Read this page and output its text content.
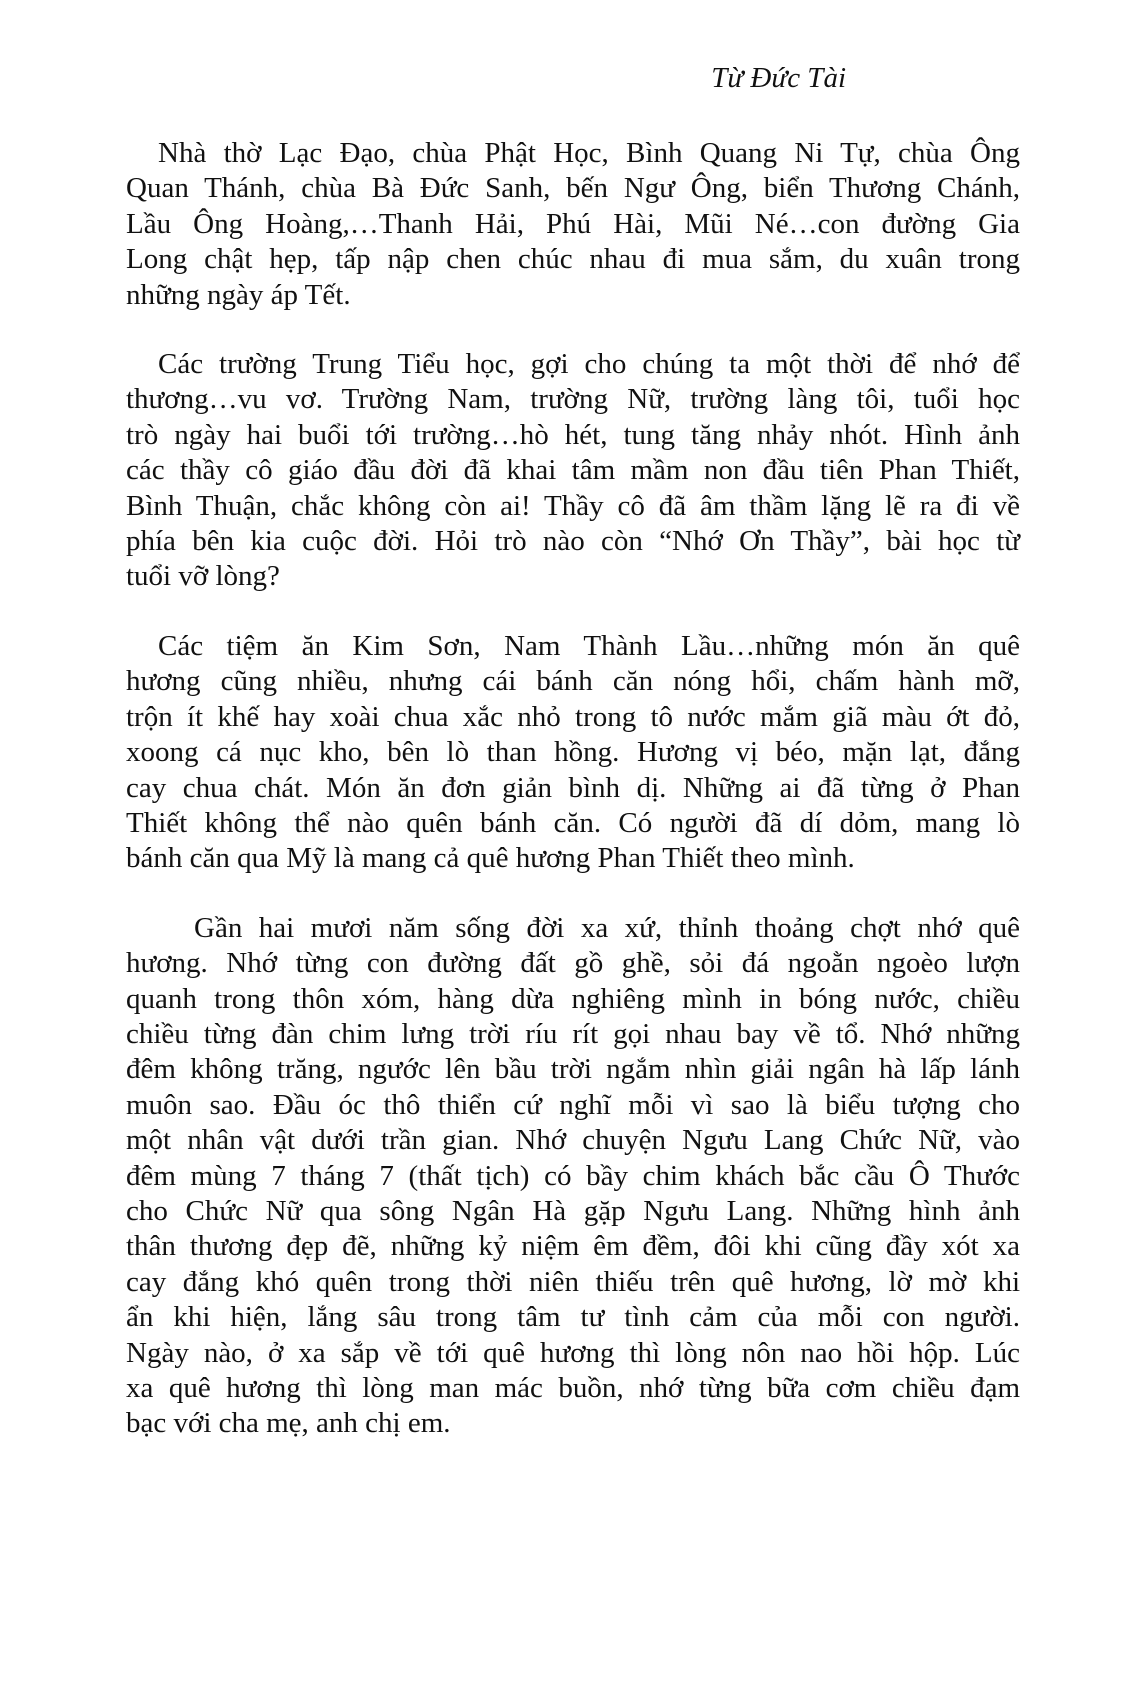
Từ Đức Tài

Nhà thờ Lạc Đạo, chùa Phật Học, Bình Quang Ni Tự, chùa Ông
Quan Thánh, chùa Bà Đức Sanh, bến Ngư Ông, biển Thương Chánh,
Lầu Ông Hoàng,…Thanh Hải, Phú Hài, Mũi Né…con đường Gia
Long chật hẹp, tấp nập chen chúc nhau đi mua sắm, du xuân trong
những ngày áp Tết.

Các trường Trung Tiểu học, gợi cho chúng ta một thời để nhớ để
thương…vu vơ. Trường Nam, trường Nữ, trường làng tôi, tuổi học
trò ngày hai buổi tới trường…hò hét, tung tăng nhảy nhót. Hình ảnh
các thầy cô giáo đầu đời đã khai tâm mầm non đầu tiên Phan Thiết,
Bình Thuận, chắc không còn ai! Thầy cô đã âm thầm lặng lẽ ra đi về
phía bên kia cuộc đời. Hỏi trò nào còn “Nhớ Ơn Thầy”, bài học từ
tuổi vỡ lòng?

Các tiệm ăn Kim Sơn, Nam Thành Lầu…những món ăn quê
hương cũng nhiều, nhưng cái bánh căn nóng hổi, chấm hành mỡ,
trộn ít khế hay xoài chua xắc nhỏ trong tô nước mắm giã màu ớt đỏ,
xoong cá nục kho, bên lò than hồng. Hương vị béo, mặn lạt, đắng
cay chua chát. Món ăn đơn giản bình dị. Những ai đã từng ở Phan
Thiết không thể nào quên bánh căn. Có người đã dí dỏm, mang lò
bánh căn qua Mỹ là mang cả quê hương Phan Thiết theo mình.

Gần hai mươi năm sống đời xa xứ, thỉnh thoảng chợt nhớ quê
hương. Nhớ từng con đường đất gồ ghề, sỏi đá ngoằn ngoèo lượn
quanh trong thôn xóm, hàng dừa nghiêng mình in bóng nước, chiều
chiều từng đàn chim lưng trời ríu rít gọi nhau bay về tổ. Nhớ những
đêm không trăng, ngước lên bầu trời ngắm nhìn giải ngân hà lấp lánh
muôn sao. Đầu óc thô thiển cứ nghĩ mỗi vì sao là biểu tượng cho
một nhân vật dưới trần gian. Nhớ chuyện Ngưu Lang Chức Nữ, vào
đêm mùng 7 tháng 7 (thất tịch) có bầy chim khách bắc cầu Ô Thước
cho Chức Nữ qua sông Ngân Hà gặp Ngưu Lang. Những hình ảnh
thân thương đẹp đẽ, những kỷ niệm êm đềm, đôi khi cũng đầy xót xa
cay đắng khó quên trong thời niên thiếu trên quê hương, lờ mờ khi
ẩn khi hiện, lắng sâu trong tâm tư tình cảm của mỗi con người.
Ngày nào, ở xa sắp về tới quê hương thì lòng nôn nao hồi hộp. Lúc
xa quê hương thì lòng man mác buồn, nhớ từng bữa cơm chiều đạm
bạc với cha mẹ, anh chị em.
